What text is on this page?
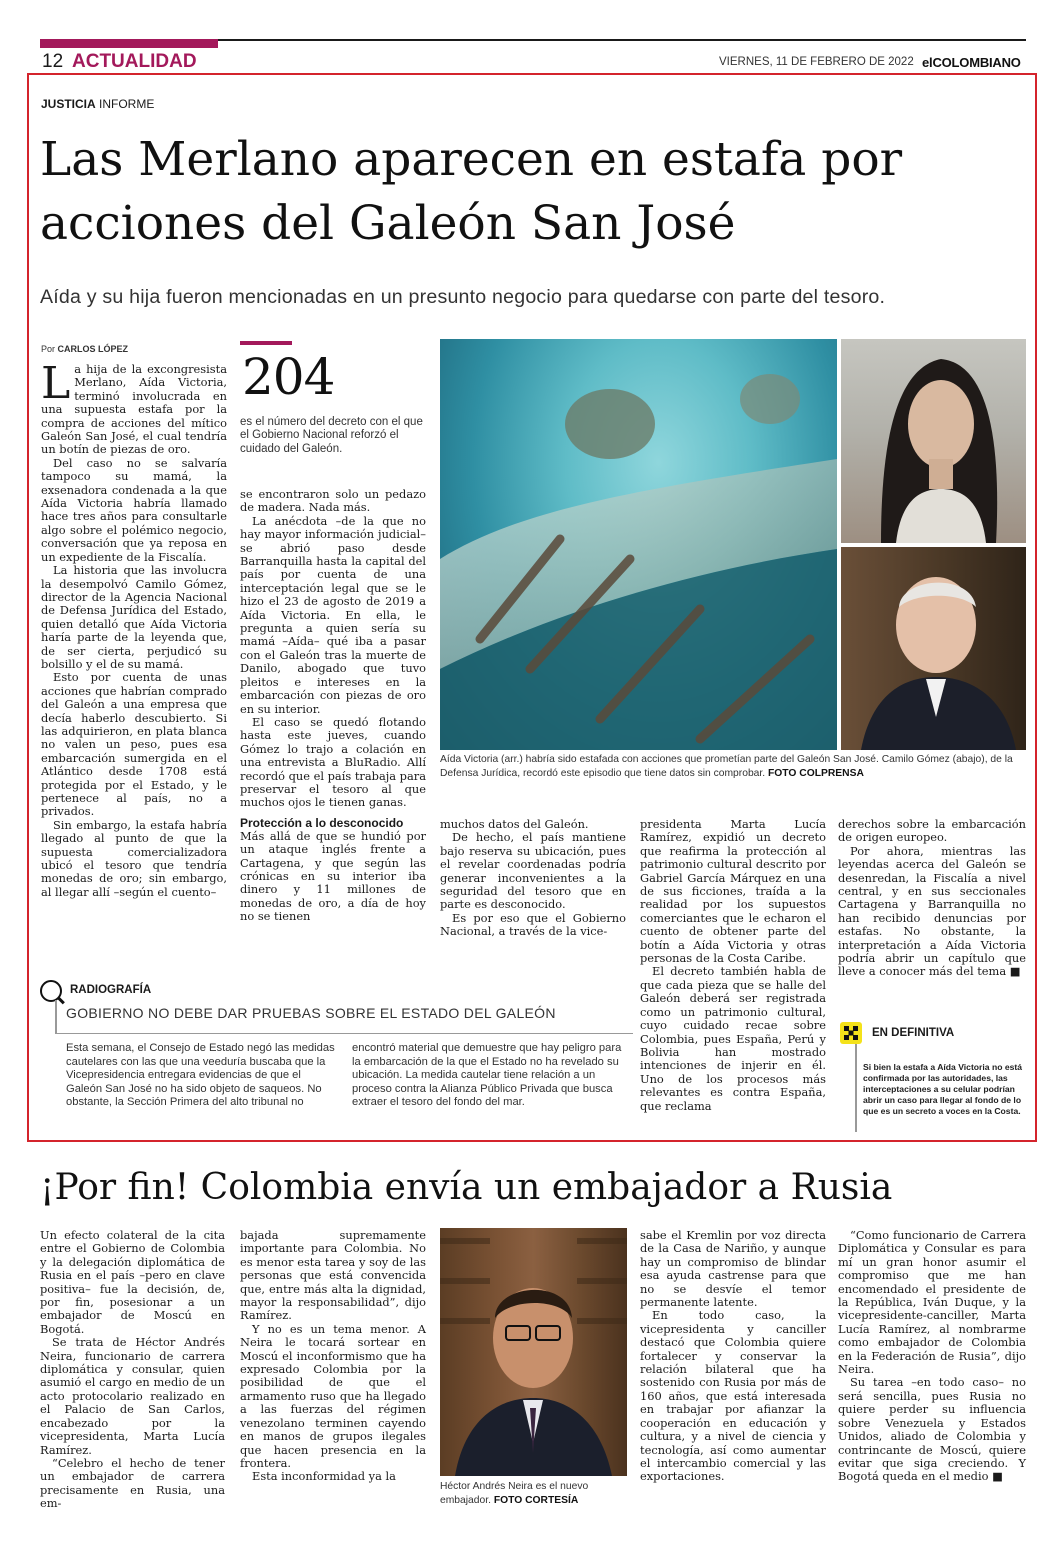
12 ACTUALIDAD	VIERNES, 11 DE FEBRERO DE 2022 elCOLOMBIANO
JUSTICIA INFORME
Las Merlano aparecen en estafa por acciones del Galeón San José
Aída y su hija fueron mencionadas en un presunto negocio para quedarse con parte del tesoro.
Por CARLOS LÓPEZ

La hija de la excongresista Merlano, Aída Victoria, terminó involucrada en una supuesta estafa por la compra de acciones del mítico Galeón San José, el cual tendría un botín de piezas de oro.

Del caso no se salvaría tampoco su mamá, la exsenadora condenada a la que Aída Victoria habría llamado hace tres años para consultarle algo sobre el polémico negocio, conversación que ya reposa en un expediente de la Fiscalía.

La historia que las involucra la desempolvó Camilo Gómez, director de la Agencia Nacional de Defensa Jurídica del Estado, quien detalló que Aída Victoria haría parte de la leyenda que, de ser cierta, perjudicó su bolsillo y el de su mamá.

Esto por cuenta de unas acciones que habrían comprado del Galeón a una empresa que decía haberlo descubierto. Si las adquirieron, en plata blanca no valen un peso, pues esa embarcación sumergida en el Atlántico desde 1708 está protegida por el Estado, y le pertenece al país, no a privados.

Sin embargo, la estafa habría llegado al punto de que la supuesta comercializadora ubicó el tesoro que tendría monedas de oro; sin embargo, al llegar allí –según el cuento–

204
es el número del decreto con el que el Gobierno Nacional reforzó el cuidado del Galeón.

se encontraron solo un pedazo de madera. Nada más.

La anécdota –de la que no hay mayor información judicial– se abrió paso desde Barranquilla hasta la capital del país por cuenta de una interceptación legal que se le hizo el 23 de agosto de 2019 a Aída Victoria. En ella, le pregunta a quien sería su mamá –Aída– qué iba a pasar con el Galeón tras la muerte de Danilo, abogado que tuvo pleitos e intereses en la embarcación con piezas de oro en su interior.

El caso se quedó flotando hasta este jueves, cuando Gómez lo trajo a colación en una entrevista a BluRadio. Allí recordó que el país trabaja para preservar el tesoro al que muchos ojos le tienen ganas.

Protección a lo desconocido

Más allá de que se hundió por un ataque inglés frente a Cartagena, y que según las crónicas en su interior iba dinero y 11 millones de monedas de oro, a día de hoy no se tienen

Aída Victoria (arr.) habría sido estafada con acciones que prometían parte del Galeón San José. Camilo Gómez (abajo), de la Defensa Jurídica, recordó este episodio que tiene datos sin comprobar. FOTO COLPRENSA

muchos datos del Galeón.

De hecho, el país mantiene bajo reserva su ubicación, pues el revelar coordenadas podría generar inconvenientes a la seguridad del tesoro que en parte es desconocido.

Es por eso que el Gobierno Nacional, a través de la vice-

presidenta Marta Lucía Ramírez, expidió un decreto que reafirma la protección al patrimonio cultural descrito por Gabriel García Márquez en una de sus ficciones, traída a la realidad por los supuestos comerciantes que le echaron el cuento de obtener parte del botín a Aída Victoria y otras personas de la Costa Caribe.

El decreto también habla de que cada pieza que se halle del Galeón deberá ser registrada como un patrimonio cultural, cuyo cuidado recae sobre Colombia, pues España, Perú y Bolivia han mostrado intenciones de injerir en él. Uno de los procesos más relevantes es contra España, que reclama

derechos sobre la embarcación de origen europeo.

Por ahora, mientras las leyendas acerca del Galeón se desenredan, la Fiscalía a nivel central, y en sus seccionales Cartagena y Barranquilla no han recibido denuncias por estafas. No obstante, la interpretación a Aída Victoria podría abrir un capítulo que lleve a conocer más del tema ■

RADIOGRAFÍA
GOBIERNO NO DEBE DAR PRUEBAS SOBRE EL ESTADO DEL GALEÓN
Esta semana, el Consejo de Estado negó las medidas cautelares con las que una veeduría buscaba que la Vicepresidencia entregara evidencias de que el Galeón San José no ha sido objeto de saqueos. No obstante, la Sección Primera del alto tribunal no
encontró material que demuestre que hay peligro para la embarcación de la que el Estado no ha revelado su ubicación. La medida cautelar tiene relación a un proceso contra la Alianza Público Privada que busca extraer el tesoro del fondo del mar.
EN DEFINITIVA
Si bien la estafa a Aída Victoria no está confirmada por las autoridades, las interceptaciones a su celular podrían abrir un caso para llegar al fondo de lo que es un secreto a voces en la Costa.
¡Por fin! Colombia envía un embajador a Rusia

Un efecto colateral de la cita entre el Gobierno de Colombia y la delegación diplomática de Rusia en el país –pero en clave positiva– fue la decisión, de, por fin, posesionar a un embajador de Moscú en Bogotá.

Se trata de Héctor Andrés Neira, funcionario de carrera diplomática y consular, quien asumió el cargo en medio de un acto protocolario realizado en el Palacio de San Carlos, encabezado por la vicepresidenta, Marta Lucía Ramírez.

“Celebro el hecho de tener un embajador de carrera precisamente en Rusia, una em-

bajada supremamente importante para Colombia. No es menor esta tarea y soy de las personas que está convencida que, entre más alta la dignidad, mayor la responsabilidad”, dijo Ramírez.

Y no es un tema menor. A Neira le tocará sortear en Moscú el inconformismo que ha expresado Colombia por la posibilidad de que el armamento ruso que ha llegado a las fuerzas del régimen venezolano terminen cayendo en manos de grupos ilegales que hacen presencia en la frontera.

Esta inconformidad ya la

Héctor Andrés Neira es el nuevo embajador. FOTO CORTESÍA

sabe el Kremlin por voz directa de la Casa de Nariño, y aunque hay un compromiso de blindar esa ayuda castrense para que no se desvíe el temor permanente latente.

En todo caso, la vicepresidenta y canciller destacó que Colombia quiere fortalecer y conservar la relación bilateral que ha sostenido con Rusia por más de 160 años, que está interesada en trabajar por afianzar la cooperación en educación y cultura, y a nivel de ciencia y tecnología, así como aumentar el intercambio comercial y las exportaciones.

“Como funcionario de Carrera Diplomática y Consular es para mí un gran honor asumir el compromiso que me han encomendado el presidente de la República, Iván Duque, y la vicepresidente-canciller, Marta Lucía Ramírez, al nombrarme como embajador de Colombia en la Federación de Rusia”, dijo Neira.

Su tarea –en todo caso– no será sencilla, pues Rusia no quiere perder su influencia sobre Venezuela y Estados Unidos, aliado de Colombia y contrincante de Moscú, quiere evitar que siga creciendo. Y Bogotá queda en el medio ■
